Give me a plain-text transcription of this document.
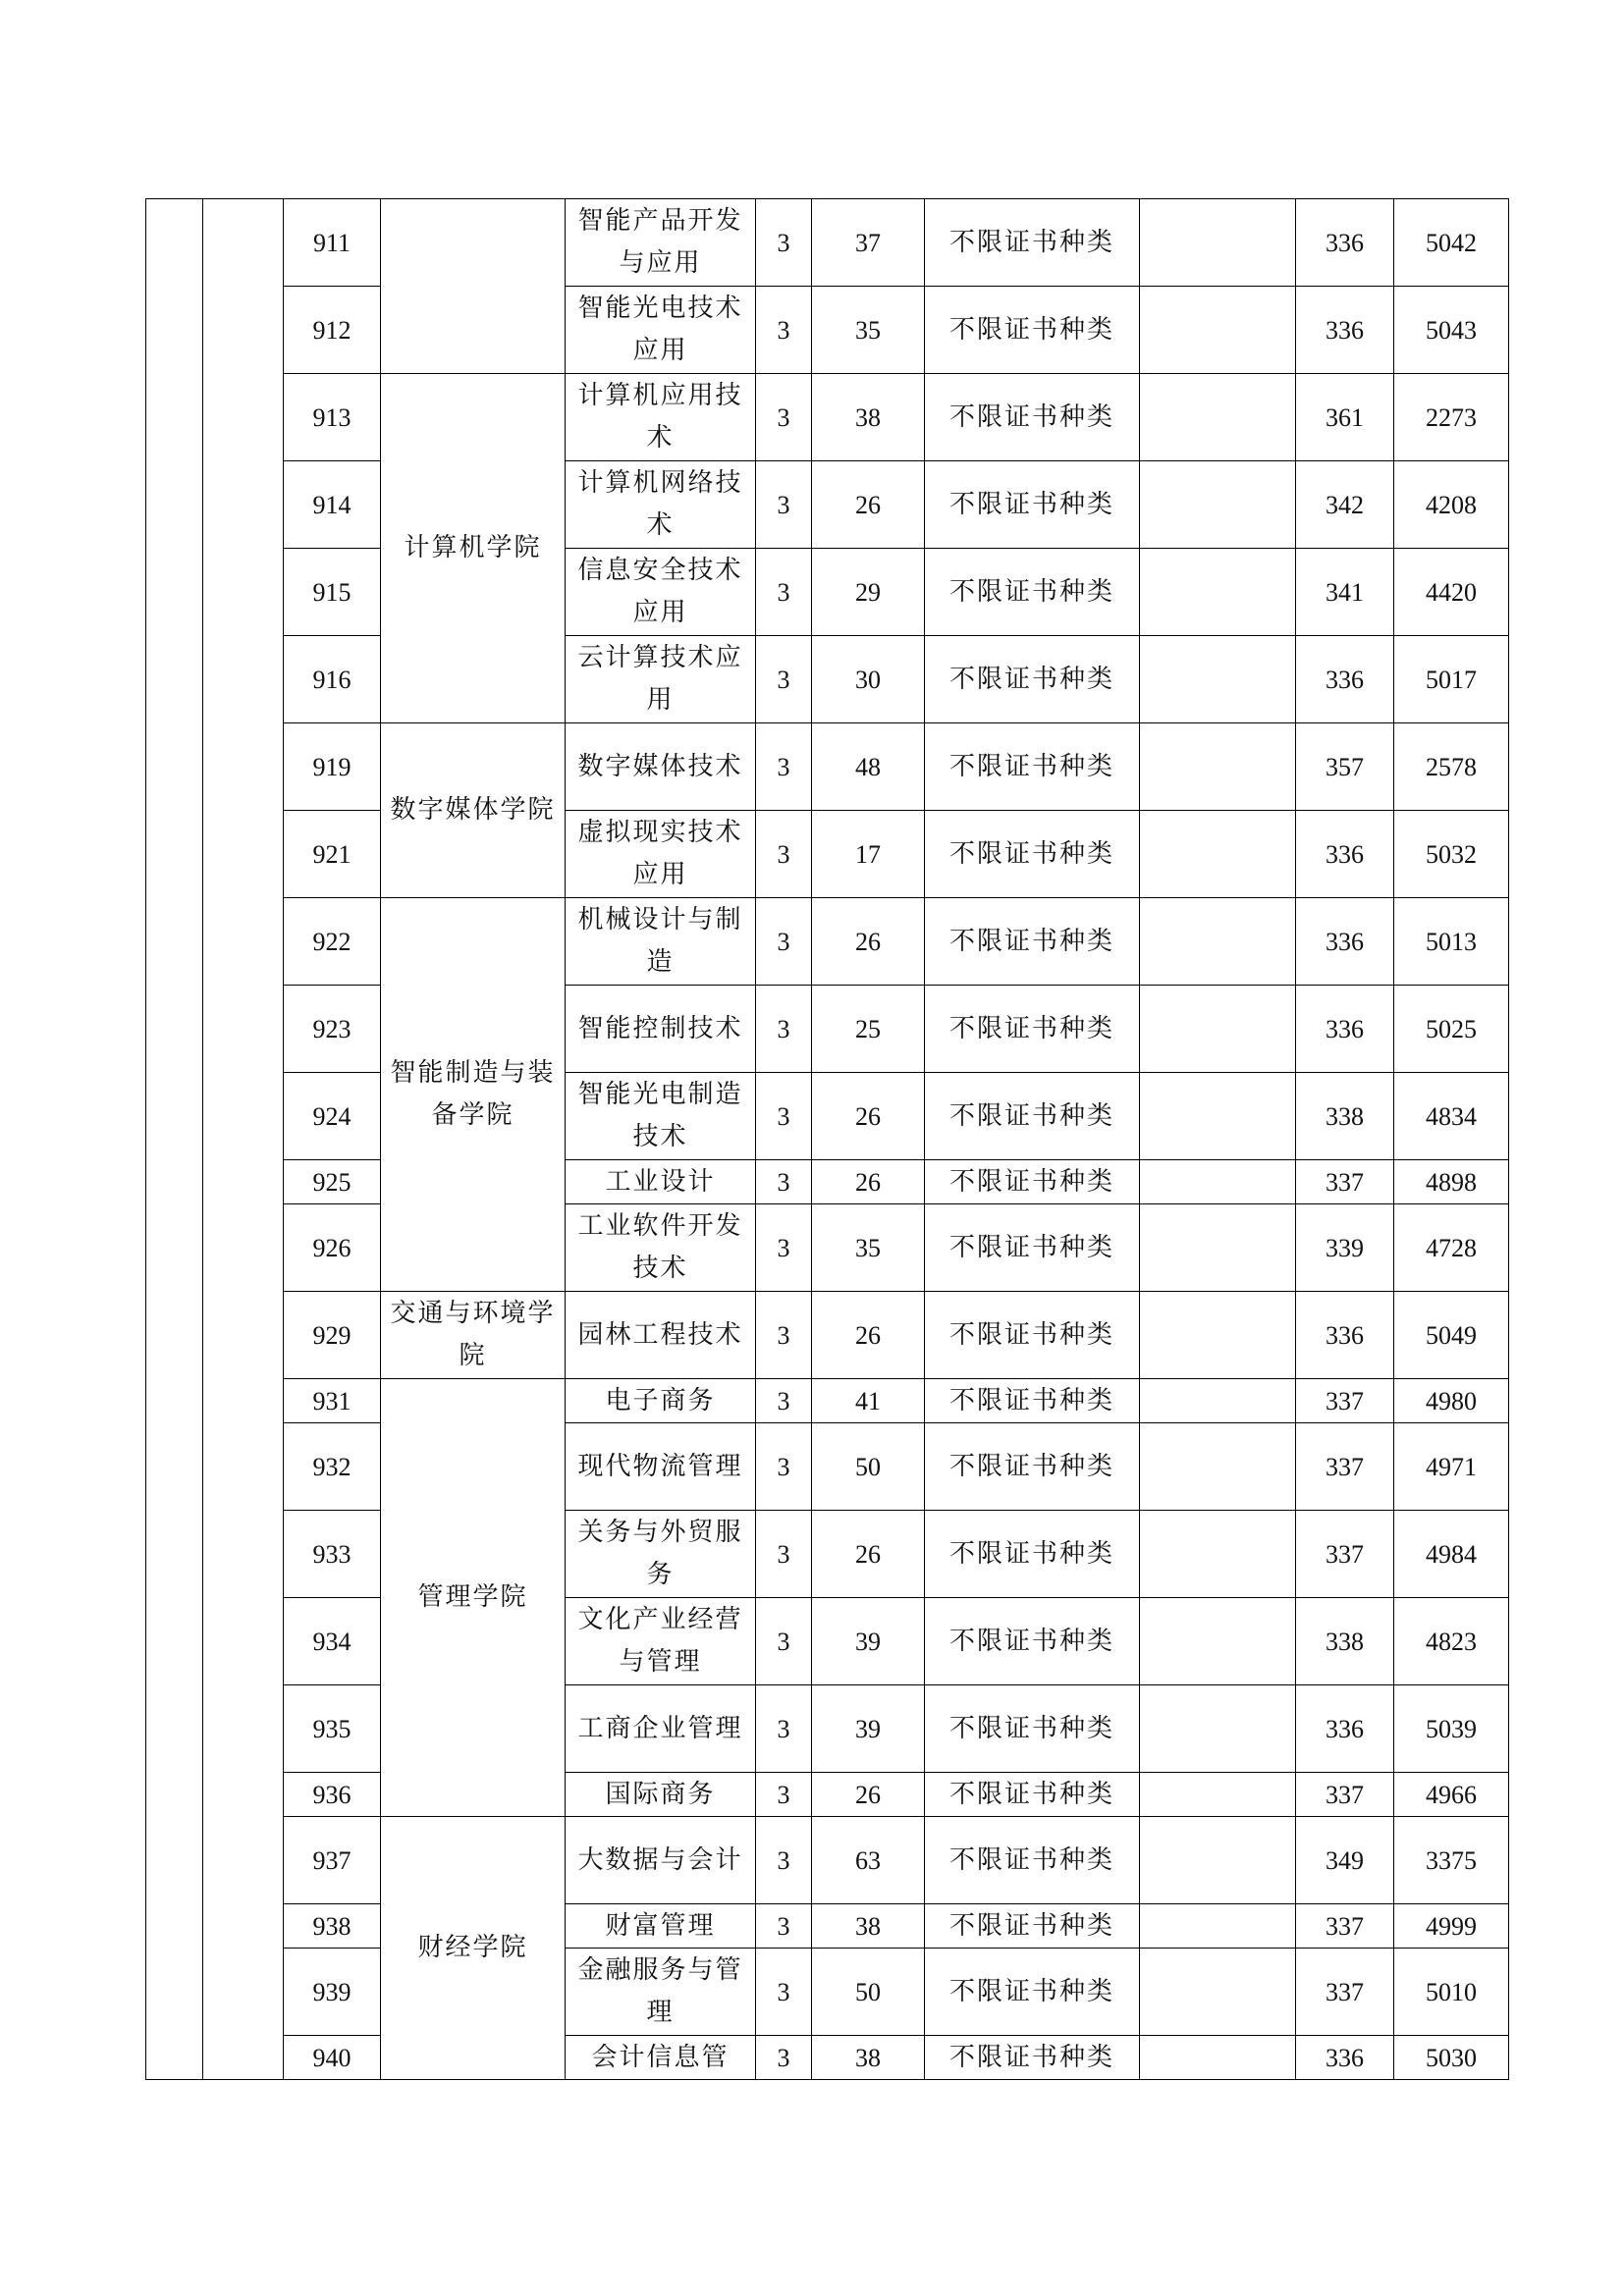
		911		智能产品开发与应用	3	37	不限证书种类		336	5042
		912		智能光电技术应用	3	35	不限证书种类		336	5043
		913	计算机学院	计算机应用技术	3	38	不限证书种类		361	2273
		914		计算机网络技术	3	26	不限证书种类		342	4208
		915		信息安全技术应用	3	29	不限证书种类		341	4420
		916		云计算技术应用	3	30	不限证书种类		336	5017
		919	数字媒体学院	数字媒体技术	3	48	不限证书种类		357	2578
		921		虚拟现实技术应用	3	17	不限证书种类		336	5032
		922	智能制造与装备学院	机械设计与制造	3	26	不限证书种类		336	5013
		923		智能控制技术	3	25	不限证书种类		336	5025
		924		智能光电制造技术	3	26	不限证书种类		338	4834
		925		工业设计	3	26	不限证书种类		337	4898
		926		工业软件开发技术	3	35	不限证书种类		339	4728
		929	交通与环境学院	园林工程技术	3	26	不限证书种类		336	5049
		931	管理学院	电子商务	3	41	不限证书种类		337	4980
		932		现代物流管理	3	50	不限证书种类		337	4971
		933		关务与外贸服务	3	26	不限证书种类		337	4984
		934		文化产业经营与管理	3	39	不限证书种类		338	4823
		935		工商企业管理	3	39	不限证书种类		336	5039
		936		国际商务	3	26	不限证书种类		337	4966
		937	财经学院	大数据与会计	3	63	不限证书种类		349	3375
		938		财富管理	3	38	不限证书种类		337	4999
		939		金融服务与管理	3	50	不限证书种类		337	5010
		940		会计信息管	3	38	不限证书种类		336	5030
